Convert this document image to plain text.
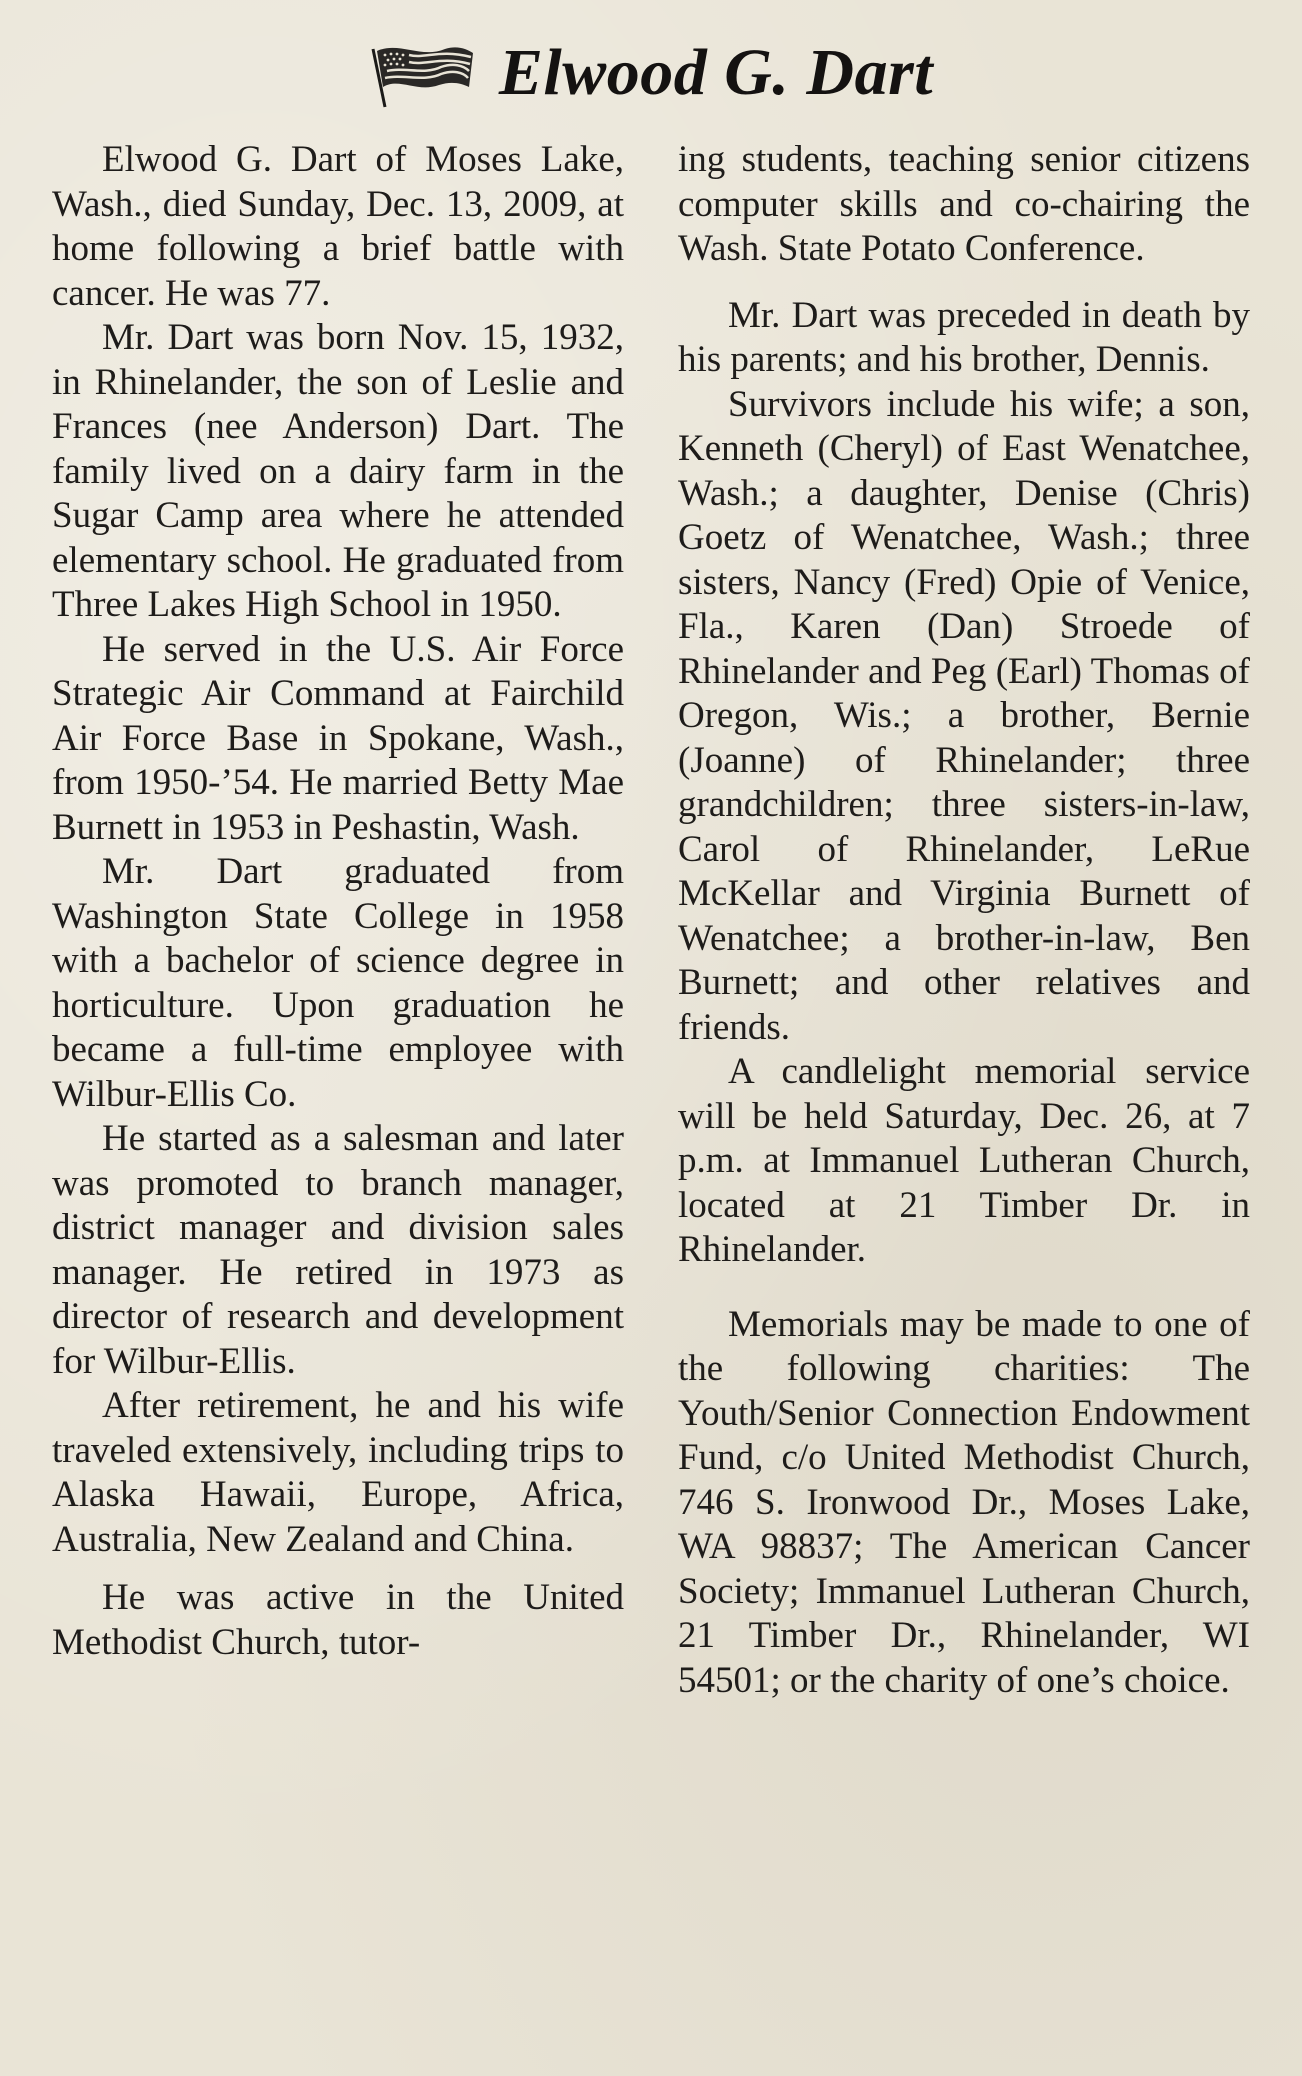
Elwood G. Dart

Elwood G. Dart of Moses Lake, Wash., died Sunday, Dec. 13, 2009, at home following a brief battle with cancer. He was 77.

Mr. Dart was born Nov. 15, 1932, in Rhinelander, the son of Leslie and Frances (nee Anderson) Dart. The family lived on a dairy farm in the Sugar Camp area where he attended elementary school. He graduated from Three Lakes High School in 1950.

He served in the U.S. Air Force Strategic Air Command at Fairchild Air Force Base in Spokane, Wash., from 1950-’54. He married Betty Mae Burnett in 1953 in Peshastin, Wash.

Mr. Dart graduated from Washington State College in 1958 with a bachelor of science degree in horticulture. Upon graduation he became a full-time employee with Wilbur-Ellis Co.

He started as a salesman and later was promoted to branch manager, district manager and division sales manager. He retired in 1973 as director of research and development for Wilbur-Ellis.

After retirement, he and his wife traveled extensively, including trips to Alaska Hawaii, Europe, Africa, Australia, New Zealand and China.

He was active in the United Methodist Church, tutor-

ing students, teaching senior citizens computer skills and co-chairing the Wash. State Potato Conference.

Mr. Dart was preceded in death by his parents; and his brother, Dennis.

Survivors include his wife; a son, Kenneth (Cheryl) of East Wenatchee, Wash.; a daughter, Denise (Chris) Goetz of Wenatchee, Wash.; three sisters, Nancy (Fred) Opie of Venice, Fla., Karen (Dan) Stroede of Rhinelander and Peg (Earl) Thomas of Oregon, Wis.; a brother, Bernie (Joanne) of Rhinelander; three grandchildren; three sisters-in-law, Carol of Rhinelander, LeRue McKellar and Virginia Burnett of Wenatchee; a brother-in-law, Ben Burnett; and other relatives and friends.

A candlelight memorial service will be held Saturday, Dec. 26, at 7 p.m. at Immanuel Lutheran Church, located at 21 Timber Dr. in Rhinelander.

Memorials may be made to one of the following charities: The Youth/Senior Connection Endowment Fund, c/o United Methodist Church, 746 S. Ironwood Dr., Moses Lake, WA 98837; The American Cancer Society; Immanuel Lutheran Church, 21 Timber Dr., Rhinelander, WI 54501; or the charity of one’s choice.
